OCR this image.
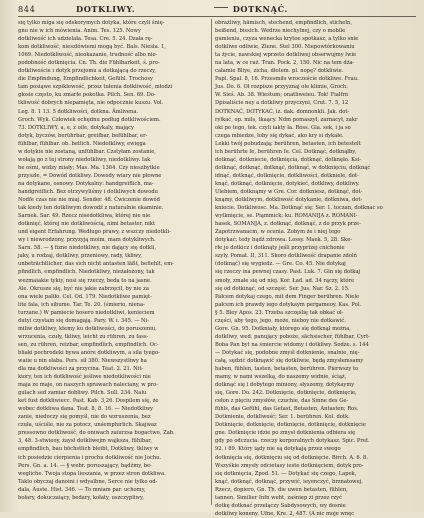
844	DOTKLIWY.	DOTKNĄĆ.
się tylko miga się odskorymych dotyka, które czyli śnię-
gnu nie w ich mówienia. Anim. Tes. 125. Nowy
dotkliwość ich udzielała. Tesa. Cre. 5. 24. Dzała rę-
kom dotkliwość, nieszłówiemi mogą być. Bals. Niesła. 1,
1069. Niedotkliwość, nieokazanie, trudność albo nie-
podobność dotknięcia. Cn. Th. die Fühlbarkeit, ś. pro-
dotkliwoście i dotyk przejomu a dotkającą do rzeczy,
die Empfindung, Empfindlichkeit, Gefühl. Trochosy
tam posiąwe szpiklewość, przez tułenia dotkliwość, młodzi
głosie często, ku zmarłe pokotka. Pilch. Sen. 69. Do-
tkliwość dobrych niepamięta, nie odpocznie kuszu. Vol.
Leg. 8. 1 13. 5 dotkliwości, dotkna. Ämlivena.
Groch. Wyk. Człowiek ochędnu podług dotkliwościem.
73. DOTKLIWY, a, e, z oile, dotykaly, mający
dotyk, byczów, berührbar, greifbar, befühlbar, er-
fühlbar, fühlbar. ob. betlich. Niedotkliwy, ewięga
w dotykie nie zostaną, unfühlbar. Czstyłam zostanie,
wołają go z tej strony niedotkliwy, niedotkliwy. Iak
he ośmi, widzy miały; Mas. Ma. 1364. Czy nieszbytkie
przyszłe, = Dowód dotkliwy. Dowody wiary nie płowne
na dotykane, osnowy. Dotykalny: handgreiflich, ma-
handgreiflich. Bez otrzywyliśmy i dotkliwych dowodu
Nodfe czas nie nie miaj. Sender. 48. Ćwiczenie dowód
tak kiedy ten dotkliwym dowodź z naturalnie ekaminie.
Sarnek. Sar. 49. Rzecz nisedotkliwa, której nie nie
dotknięć, której nie dotkliwością, nimi betaster, nikt
und eigent Erfahrung. Wedługo prawy, z wszczy niedotkli-
wy i niewrodzony, przyzyją moim, mam dotykliwych.
Sarn. 58. — § fizne niedotkliwy, nie dający się dotkli,
jaky, u rodzaj, dotkliwy, przeniowy, rady, tkliwy,
unbeträchtlicher, das sich nicht antasten läßt, befiehlt, em-
pfindlich, empfindlich. Niedotkliwy, nieżałożony, tak
wezmaiakie tykiy, nosi się rzeczy, beda to na jasne.
Ale. Okrusze się, być nie jakie zabrzęcił, by nie za
ona wiele paliło. Cel. Od. 179. Niedotkliwe pamięt-
lite fala, ich sibume. Tar. Te. 20. (śmierio, niena-
turzane.) W pamiecie hosero niedotkliwi, kenieciem
dutyi czystain się domagają. Pary. W. i. 345. — Ni-
miliw dotkliwy, ktemy ku dotkliwości, do poruszeniu,
wrzucenia, czuły, tkliwy, leicht zu rühren, zu fass-
sen, zu rühren, reizbar, empfindlich, empfindlich. Oc-
bliaki pochrodeki bywa anóre dotkliwym, a sila tyego-
waiie u nin słaba. Pers. sił 380. Niewszystliwy ha
dla ma dotkliwości za przycina. Teat. 2. 21. Nit-
kiory, ten ich dotkliwość jeśliwe niedotkliwości nie
maja ze maje, on naszych sprawach naleciany, w pro-
gulach sed zamiar dobliwy. Pilch. Sull. 234. Nalu
ket fust dotkliwiecc. Past. Kab. 3,26. Dospilem się, że
wobec dotkliwa dana. Teat. 8, 8. 16. — Niedotkliwy
zanie, niedoczy się pomyśl, nie do wzruszenia, bez
czuła, uściśle, nie za potocz, unśemphirlich. Skajwaz
pressowno dotkliwość, do oniwach zaiurzsa bogactwo, Zab.
3, 48. 3-stwieoy, żaysł dotkliwejm wajksza, fühlbar,
empfindlich, bau höchstlich bleibt, Dotkliwy, tkliwy w
ich posiedzie cierpienia i prochu dotkliwość nie Jochu.
Pers. Gn. a. 14. — § webr. poruszający, bądźmy, be-
wegliche. Twoja stopa lieszania, w przez stron dotkliwa.
Taklo obyczaj danoini i wdyalbne, Serce nie tylko od-
dala, Auste. Hist. 346. — To mniam par. uchomy,
bołary, dokuczaiący, bedary, kołaty, uszczypliwy,
obrażliwy, hämisch, stechend, empfindlich, sticheln,
beißend, bissich. Wedrze niechylnej, czy o mobile
gumieniu, czyza wenecka krytoe spotkasz, a tylko snie
dotkliwe odliwie, Zlene. Stel 300. Niepowtórkowaniu
ta życie, nawskiej wprzeto dotkliwej obserwujmy lwie
na lata, w ce raż. Tran. Pock. 2, 150. Nic na tem dża-
całamie Bliye, zicha, dłotem. pl. nopę? dotkliwie.
Papl. Spal. 8, 16. Przesmiłs wroczeście dotkliwe. Frau.
Jus. Do. 6. Oł rozpisze przyyznaj ole klimie, Groch.
W. Sieś. Ab. 38. Wieśtum; onatliweieu. Tok! Fialfrn
Dpisaliście ney a dotkliwy przyczyni, Crut. 7. 5, 12
DOTKNAĆ, DOTYKAĆ, iz. dak. domnonkli. Jak. dot-
rylkać, op. mils, tkaący. Ndm pomaszył, zarnacył, zakr
oki po tego, tek. czyli iakty ła. Ross. Gla. sek, i ja so
czega mbiedze, łoby się dykać, ako kry si dykałe.
Lekki twój pobudzają; berühren, betasten, ich betestelt
ich berührte ſe, berühren ſe. Cel. Dotknąć, dotknąłby,
dotknąć, dotkniecie, dotknięcia, dotknąć, dotknęło. Ksi-
dotknąć, dotknąć, dotknąć, dotknąć, w dotknięciu, dotknąć
idnąć, dotknąć, dotknięcie, dotkliwości, dotkniele, dot-
knąć, dotknąć, dotknięcie, dotykieć, dotkliwy, dotkliwy.
Ulebiem, dotknąmy w Gre. Cor. dotkniesz, dotknąć, dot-
knąmy, dotkliwym, dotkliwość dotykanie, dotkniwa, dot-
kniecie. Dotkliwosc. Ma. Dotknąć się: Ser. 1. toczan, dotknac so
wytknięcie, se. Piąmmick; ku. ROMANIJA z. ROMANI-
hasek, SOMANJA, z. dotknąć, dotknąć, z do przyk prze-
Zapotrzwanacm, w ocenia. Zobym że i niej tego
dotykać; tedy bądź zdrowa. Lossy. Maek. 5, 28. Ske-
rłe jo dotkicz i dotknąty jeśli przyprizej cnichonie
szyly. Pomat. II, 311. Skoro dotkliwość drapanie zdolń
(dotknąć) się wygiedz. — Gre. Co. 45. Nie dotykaj
się rzeczy ina pewnej czasy. Past. Luk. 7. Gin się dotkaj
smoły, zmałe się od niej. Kor. Ład. ad. 34 rączy, które
się od dotkinąć, od szczęść. Ser. Jus. Nar. Sz. 2. 15.
Pałcem dotykaj czego, mit dem Finger berühren. Niele
pałcem ich prawdy iego dotykaym pergameoy. Kas. Pol.
§ 5. Bley Apos. 23. Trzeba szczęślię tak obkać ol-
części, aby tego, jego, może, nieboy nie dotkawić.
Gore. Gn. 95. Dotkniały, którego się dotknął można,
dotkliwy, wed. panujący poboże, sächsischer, fühlbar, Cyrt-
Boba Pan byt na śmiercie widomy i dotkliwy. Sodze. s. 144
— Dotykać się, podobne zmyśl dotknienie, snalnie, nię-
całą, sędzić dotknąwić się dotkliwie, będą zmysłemsamy
haben, fühlen, tasten, betasten, berühren. Pierwszy to
mamy, w nami wszelką, do naszemy widnie, ściąż,
dotknąć się i dobytego miniony, słyszemy, dotykaymy
się, Gore. Do. 242. Dotknięcie, dotknięcie, dotknięcie,
cełon z pięciu zmysłów, czuchie, das Sinne des Ge-
fühls, das Gefühl, das Getast, Betasten, Antasten; Ros.
Dotknienie, dotkliwość; Ser. 1. berühren. Kol. dotk.
Dotknięcie, dotknięcie, dotknięcie, dotknięcie, dotknięcie
gne. Dotknięcie idzie po zmysł dotknienia odbiera się
gdy po odczucia. rzeczy korporalnych dotykasz. Spic. Pret.
92. i 89. Który iądy nie są dotykają przez swego
dotknięcia się, dotknięciu się od dotknięcie. Birch. A. 6. 8.
Wszyśkie zmysły odcietasy ieste dotknięciem, dotyk pro-
się dotknięcia, Zpod. 51. — Dotykać się czego, Lapek,
knąć, dotknąć, dotknąć, przywić, ieyenczyć, brznatowej.
Rzecz, dopiero, Gn. Th. die uwen betasten, fühlen,
tannen. Similier Infn webt, zaśniep zi przez rzyć
dotkę dotknać przełączy Sabdysowych, wy dosnie
dotkliwy koneny. Ufne, Kre. 2, 487. (A nic moje wnęc
